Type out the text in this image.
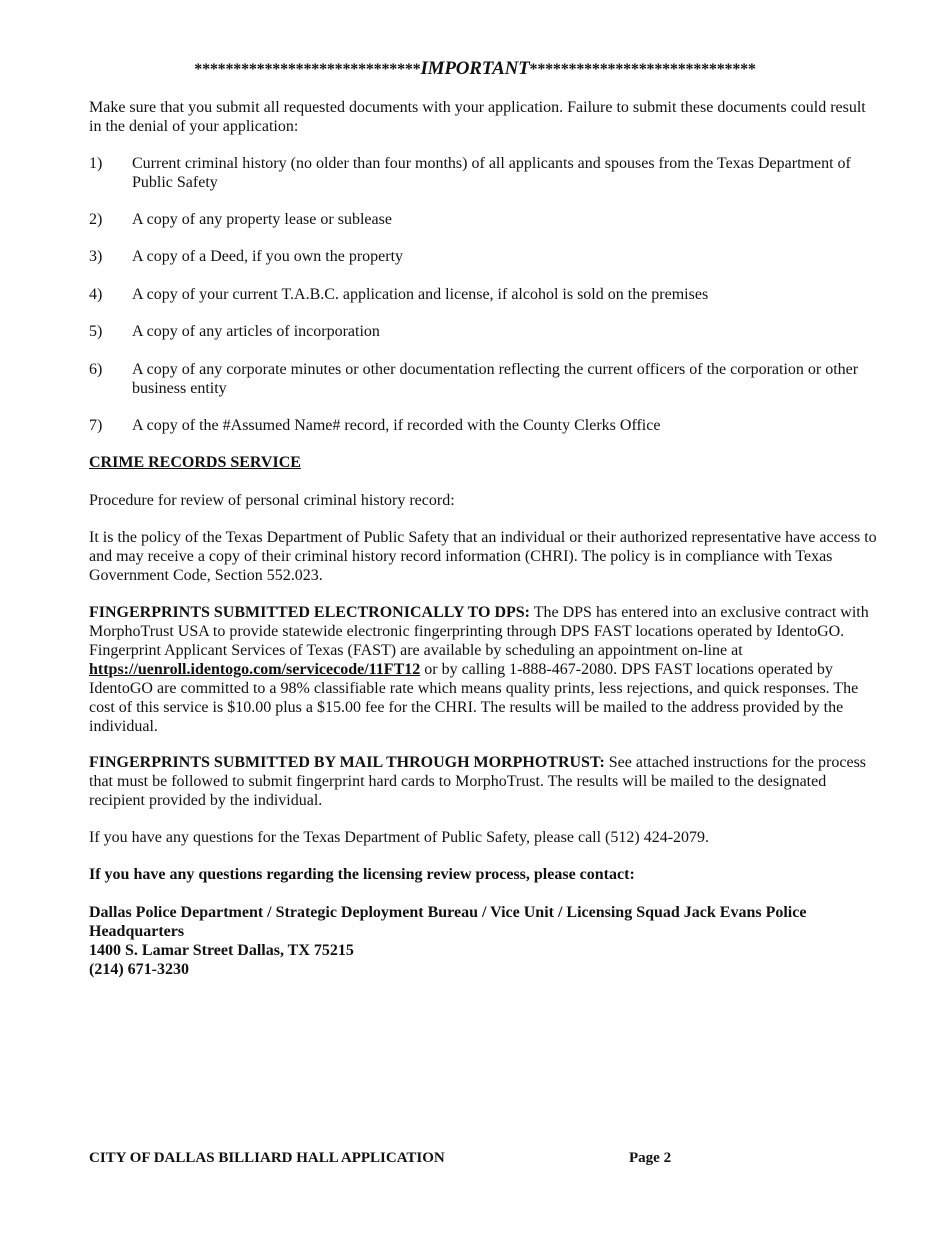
*****************************IMPORTANT*****************************

Make sure that you submit all requested documents with your application. Failure to submit these documents could result in the denial of your application:

1)	Current criminal history (no older than four months) of all applicants and spouses from the Texas Department of Public Safety
2)	A copy of any property lease or sublease
3)	A copy of a Deed, if you own the property
4)	A copy of your current T.A.B.C. application and license, if alcohol is sold on the premises
5)	A copy of any articles of incorporation
6)	A copy of any corporate minutes or other documentation reflecting the current officers of the corporation or other business entity
7)	A copy of the #Assumed Name# record, if recorded with the County Clerks Office

CRIME RECORDS SERVICE

Procedure for review of personal criminal history record:

It is the policy of the Texas Department of Public Safety that an individual or their authorized representative have access to and may receive a copy of their criminal history record information (CHRI). The policy is in compliance with Texas Government Code, Section 552.023.

FINGERPRINTS SUBMITTED ELECTRONICALLY TO DPS: The DPS has entered into an exclusive contract with MorphoTrust USA to provide statewide electronic fingerprinting through DPS FAST locations operated by IdentoGO. Fingerprint Applicant Services of Texas (FAST) are available by scheduling an appointment on-line at https://uenroll.identogo.com/servicecode/11FT12 or by calling 1-888-467-2080. DPS FAST locations operated by IdentoGO are committed to a 98% classifiable rate which means quality prints, less rejections, and quick responses. The cost of this service is $10.00 plus a $15.00 fee for the CHRI. The results will be mailed to the address provided by the individual.

FINGERPRINTS SUBMITTED BY MAIL THROUGH MORPHOTRUST: See attached instructions for the process that must be followed to submit fingerprint hard cards to MorphoTrust. The results will be mailed to the designated recipient provided by the individual.

If you have any questions for the Texas Department of Public Safety, please call (512) 424-2079.

If you have any questions regarding the licensing review process, please contact:

Dallas Police Department / Strategic Deployment Bureau / Vice Unit / Licensing Squad Jack Evans Police Headquarters
1400 S. Lamar Street Dallas, TX 75215
(214) 671-3230
CITY OF DALLAS BILLIARD HALL APPLICATION	Page 2
